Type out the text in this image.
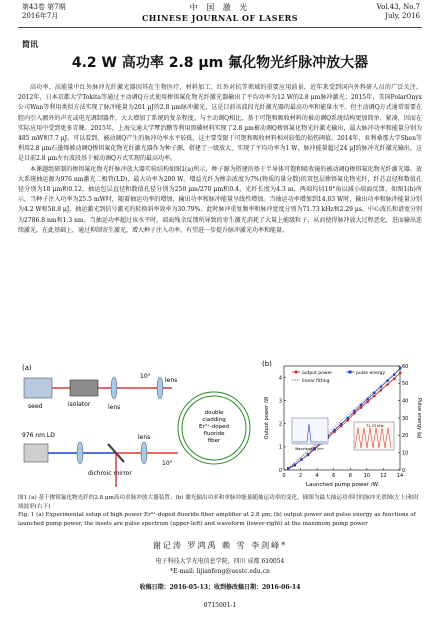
第43卷 第7期
2016年7月
中 国 激 光
CHINESE JOURNAL OF LASERS
Vol.43, No.7
July, 2016
简讯
4.2 W 高功率 2.8 μm 氟化物光纤脉冲放大器

高功率、高能量中红外脉冲光纤激光器因其在生物医疗、材料加工、红外对抗等领域的重要应用前景，近年来受到国内外科研人员的广泛关注。2012年，日本京都大学Tokita等通过主动调Q方式使用掺铒氟化物光纤激光器输出了平均功率为12 W的2.8 μm脉冲激光；2015年，美国PolarOnyx公司Wan等利用类似方法实现了脉冲能量为201 μJ的2.8 μm脉冲激光，这是目前该波段光纤激光器的最高功率和能量水平。但主动调Q方式通常需要在腔内引入额外的声光或电光调制器件，大大增加了系统的复杂程度。与主动调Q相比，基于可饱和吸收材料的被动调Q系统结构更加简单、紧凑，因而在实际应用中受到更多青睐。2015年，上海交通大学覃治鹏等利用黑磷材料实现了2.8 μm被动调Q掺铒氟化物光纤激光输出，最大脉冲功率和能量分别为485 mW和7.7 μJ。可以看到，被动调Q产生的脉冲功率水平较低，这主要受限于可饱和吸收材料相对较低的损伤阈值。2014年，亚利桑那大学Shen等利用2.8 μm石墨烯被动调Q掺铒氟化物光纤激光器作为种子源，搭建了一级放大，实现了平均功率为1 W，脉冲能量超过24 μJ的脉冲光纤激光输出，这是目前2.8 μm左右波段基于被动调Q方式实现的最高功率。

本课题组研制的掺铒氟化物光纤脉冲放大器实验结构如图1(a)所示，种子源为搭建的基于半导体可饱和吸收镜的被动调Q掺铒氟化物光纤激光器，放大系统抽运源为976 nm激光二极管(LD)，最大功率为200 W。增益光纤为掺杂浓度为7%(物质的量分数)的双包层掺铒氟化物光纤，纤芯直径和数值孔径分别为18 μm和0.12，抽运包层直径和数值孔径分别为250 μm/270 μm和0.4，光纤长度为4.3 m，两端均切10°角以减小端面反馈。如图1(b)所示，当种子注入功率为25.5 mW时，随着抽运功率的增加，输出功率和脉冲能量呈线性增加。当抽运功率增加到14.03 W时，输出功率和脉冲能量分别为4.2 W和58.8 μJ，抽运激光到信号激光的转换斜率效率为30.79%。此时脉冲重复频率和脉冲宽度分别为71.73 kHz和2.29 μs，中心波长和谱宽分别为2786.8 nm和1.3 nm。当抽运功率超过该水平时，端面残余反馈所导致的寄生激光消耗了大量上能级粒子，从而使得脉冲放大过程恶化，进而输出连续激光。在此基础上，通过抑制寄生激光，增大种子注入功率，有望进一步提升脉冲激光功率和能量。

(a)
seed	isolator	lens
10°
lens
double
cladding
Er³⁺-doped
fluoride
fiber
976 nm LD
dichroic mirror
lens
10°
(b)
0	2	4	6	8 10 12 14
0
1
2
3
4
0
10
20
30
40
50
60
Wavelength /nm
71.73 kHz
output power	pulse energy
linear fitting
Launched pump power /W
Output power /W	Pulse energy /μJ
图1 (a) 基于掺铒氟化物光纤的2.8 μm高功率脉冲放大器装置；(b) 激光输出功率和单脉冲能量随抽运功率的变化，插图为最大抽运功率时的脉冲光谱图(左上)和时域波形(右下)
Fig. 1 (a) Experimental setup of high power Er³⁺-doped fluoride fiber amplifier at 2.8 μm; (b) output power and pulse energy as functions of launched pump power, the insets are pulse spectrum (upper-left) and waveform (lower-right) at the maximum pump power
谢记涛 罗鸿禹 赖 雪 李剑峰*
电子科技大学光电信息学院，四川 成都 610054
*E-mail: lijianfeng@uestc.edu.cn
收稿日期：2016-05-13；收到修改稿日期：2016-06-14
0715001-1
